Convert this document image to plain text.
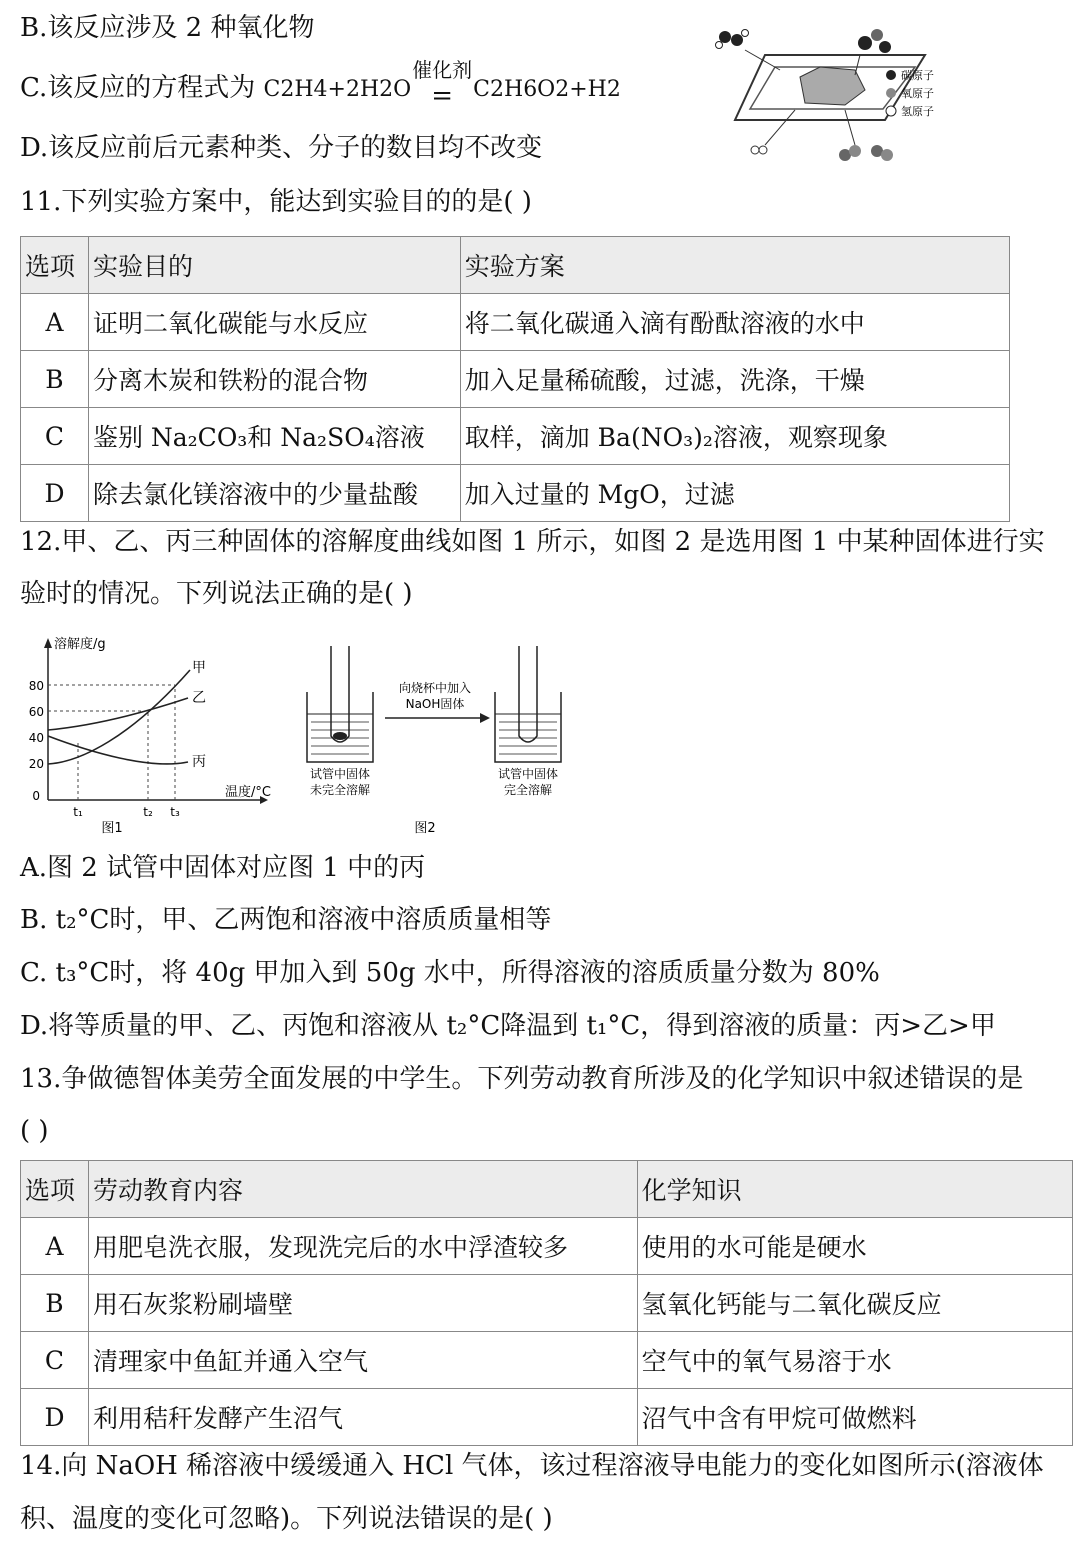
B.该反应涉及 2 种氧化物
C.该反应的方程式为 C2H4+2H2O
催化剂
= C2H6O2+H2
D.该反应前后元素种类、分子的数目均不改变
碳原子
氧原子
氢原子
11.下列实验方案中，能达到实验目的的是( )
选项	实验目的	实验方案
A	证明二氧化碳能与水反应	将二氧化碳通入滴有酚酞溶液的水中
B	分离木炭和铁粉的混合物	加入足量稀硫酸，过滤，洗涤，干燥
C	鉴别 Na₂CO₃和 Na₂SO₄溶液	取样，滴加 Ba(NO₃)₂溶液，观察现象
D	除去氯化镁溶液中的少量盐酸	加入过量的 MgO，过滤
12.甲、乙、丙三种固体的溶解度曲线如图 1 所示，如图 2 是选用图 1 中某种固体进行实
验时的情况。下列说法正确的是( )
溶解度/g
温度/°C
0
80
60
40
20
甲
乙
丙
t₁	t₂ t₃
图1
试管中固体
未完全溶解
向烧杯中加入
NaOH固体
试管中固体
完全溶解
图2
A.图 2 试管中固体对应图 1 中的丙
B. t₂°C时，甲、乙两饱和溶液中溶质质量相等
C. t₃°C时，将 40g 甲加入到 50g 水中，所得溶液的溶质质量分数为 80%
D.将等质量的甲、乙、丙饱和溶液从 t₂°C降温到 t₁°C，得到溶液的质量：丙>乙>甲
13.争做德智体美劳全面发展的中学生。下列劳动教育所涉及的化学知识中叙述错误的是
( )
选项	劳动教育内容	化学知识
A	用肥皂洗衣服，发现洗完后的水中浮渣较多	使用的水可能是硬水
B	用石灰浆粉刷墙壁	氢氧化钙能与二氧化碳反应
C	清理家中鱼缸并通入空气	空气中的氧气易溶于水
D	利用秸秆发酵产生沼气	沼气中含有甲烷可做燃料
14.向 NaOH 稀溶液中缓缓通入 HCl 气体，该过程溶液导电能力的变化如图所示(溶液体
积、温度的变化可忽略)。下列说法错误的是( )
